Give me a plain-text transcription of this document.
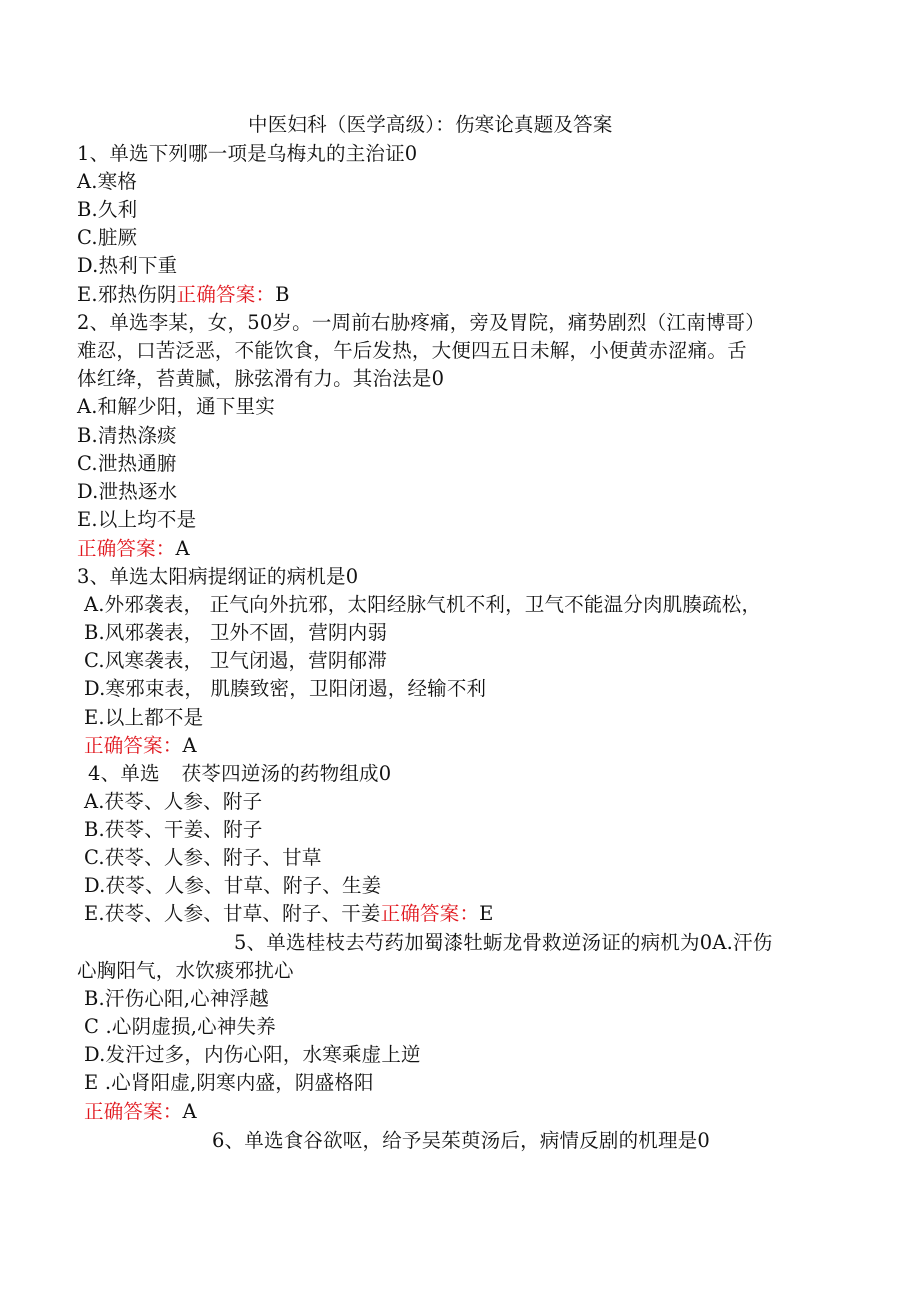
中医妇科（医学高级）：伤寒论真题及答案
1、单选下列哪一项是乌梅丸的主治证0
A.寒格
B.久利
C.脏厥
D.热利下重
E.邪热伤阴正确答案：B
2、单选李某，女，50岁。一周前右胁疼痛，旁及胃院，痛势剧烈（江南博哥）
难忍，口苦泛恶，不能饮食，午后发热，大便四五日未解，小便黄赤涩痛。舌
体红绛，苔黄腻，脉弦滑有力。其治法是0
A.和解少阳，通下里实
B.清热涤痰
C.泄热通腑
D.泄热逐水
E.以上均不是
正确答案：A
3、单选太阳病提纲证的病机是0
A.外邪袭表， 正气向外抗邪，太阳经脉气机不利，卫气不能温分肉肌腠疏松，
B.风邪袭表， 卫外不固，营阴内弱
C.风寒袭表， 卫气闭遏，营阴郁滞
D.寒邪束表， 肌腠致密，卫阳闭遏，经输不利
E.以上都不是
正确答案：A
4、单选 茯苓四逆汤的药物组成0
A.茯苓、人参、附子
B.茯苓、干姜、附子
C.茯苓、人参、附子、甘草
D.茯苓、人参、甘草、附子、生姜
E.茯苓、人参、甘草、附子、干姜正确答案：E
5、单选桂枝去芍药加蜀漆牡蛎龙骨救逆汤证的病机为0A.汗伤
心胸阳气，水饮痰邪扰心
B.汗伤心阳,心神浮越
C .心阴虚损,心神失养
D.发汗过多，内伤心阳，水寒乘虚上逆
E .心肾阳虚,阴寒内盛，阴盛格阳
正确答案：A
6、单选食谷欲呕，给予吴茱萸汤后，病情反剧的机理是0
